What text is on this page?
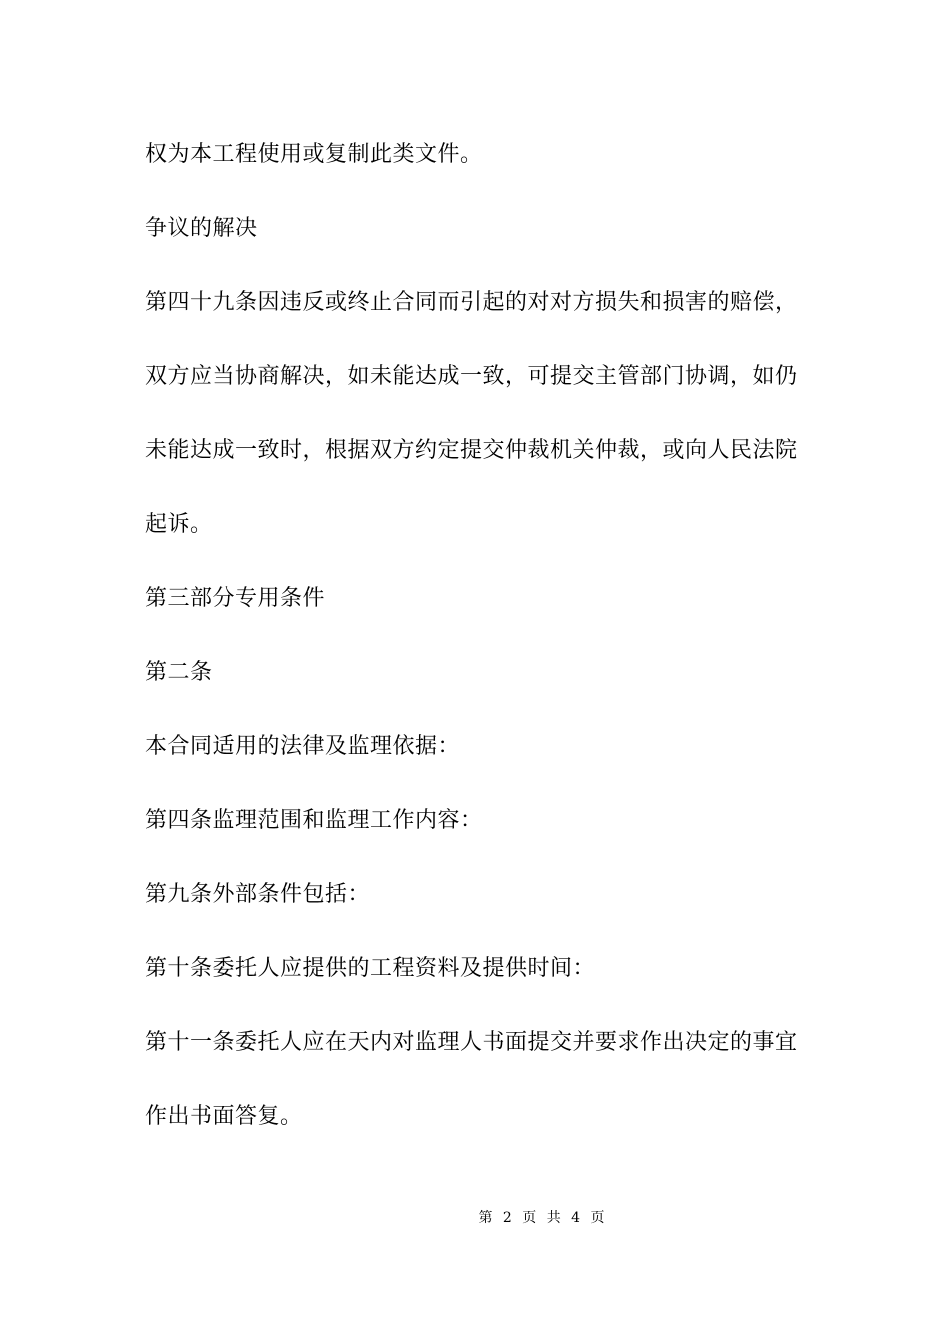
权为本工程使用或复制此类文件。
争议的解决
第四十九条因违反或终止合同而引起的对对方损失和损害的赔偿，
双方应当协商解决，如未能达成一致，可提交主管部门协调，如仍
未能达成一致时，根据双方约定提交仲裁机关仲裁，或向人民法院
起诉。
第三部分专用条件
第二条
本合同适用的法律及监理依据：
第四条监理范围和监理工作内容：
第九条外部条件包括：
第十条委托人应提供的工程资料及提供时间：
第十一条委托人应在天内对监理人书面提交并要求作出决定的事宜
作出书面答复。
第 2 页 共 4 页
